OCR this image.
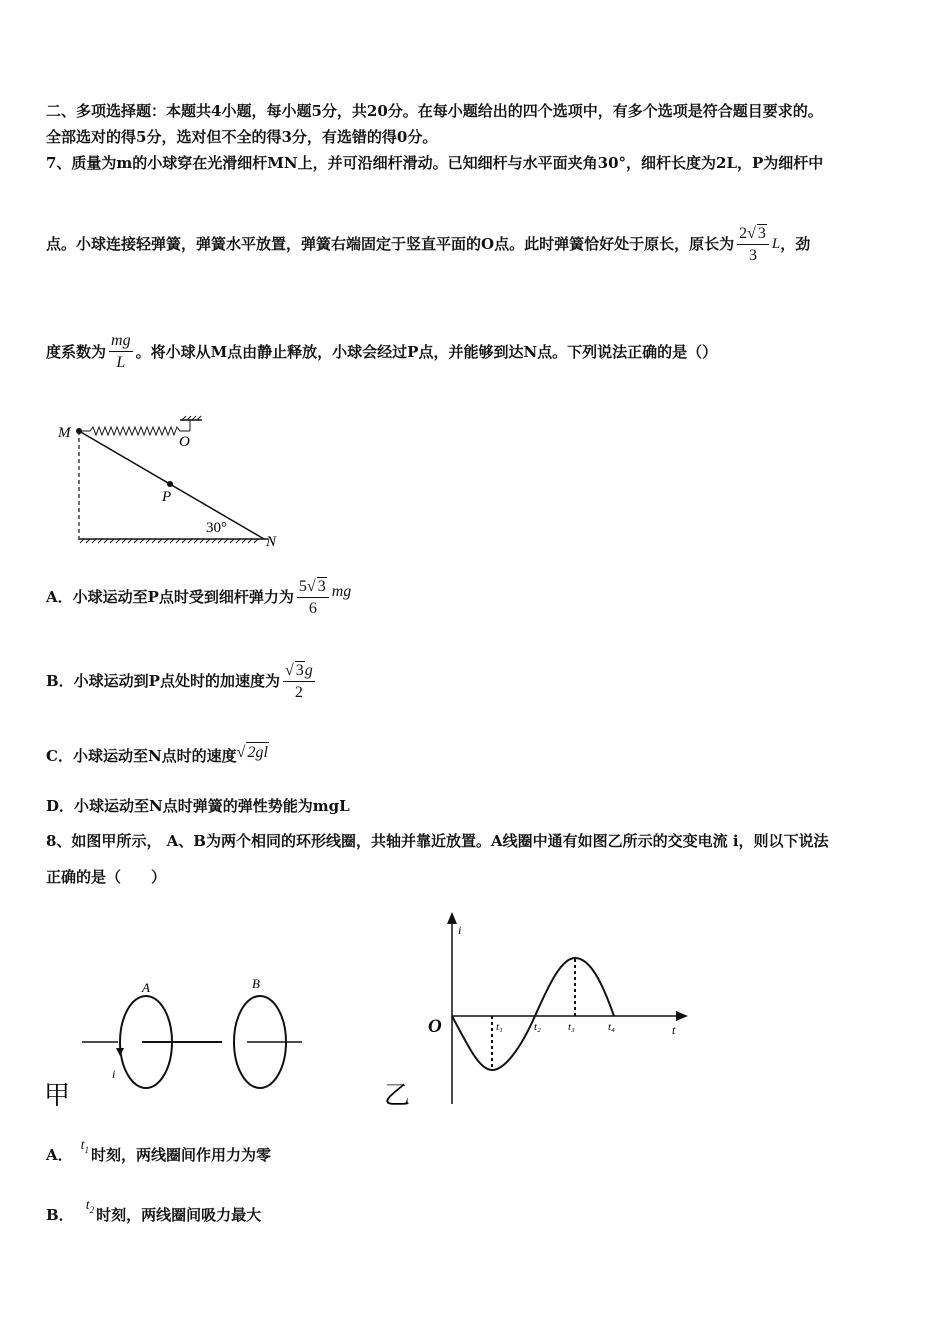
二、多项选择题：本题共4小题，每小题5分，共20分。在每小题给出的四个选项中，有多个选项是符合题目要求的。
全部选对的得5分，选对但不全的得3分，有选错的得0分。
7、质量为m的小球穿在光滑细杆MN上，并可沿细杆滑动。已知细杆与水平面夹角30°，细杆长度为2L，P为细杆中
点。小球连接轻弹簧，弹簧水平放置，弹簧右端固定于竖直平面的O点。此时弹簧恰好处于原长，原长为 $\frac{2√ 3}{3}$ L ，劲
度系数为 $\frac{mg}{L}$ 。将小球从M点由静止释放，小球会经过P点，并能够到达N点。下列说法正确的是（）
M
O
P
N
30°
A．小球运动至P点时受到细杆弹力为 $\frac{5√ 3}{6}$ mg
B．小球运动到P点处时的加速度为 $\frac{√ 3g}{2}$
C．小球运动至N点时的速度 √ 2gl
D．小球运动至N点时弹簧的弹性势能为mgL
8、如图甲所示， A、B为两个相同的环形线圈，共轴并靠近放置。A线圈中通有如图乙所示的交变电流 i，则以下说法
正确的是（　　）
A	B
i
甲
i
t
O	t₁	t₂ t₃	t₄
乙
A．
$t_1$ 时刻，两线圈间作用力为零
B．
$t_2$ 时刻，两线圈间吸力最大
